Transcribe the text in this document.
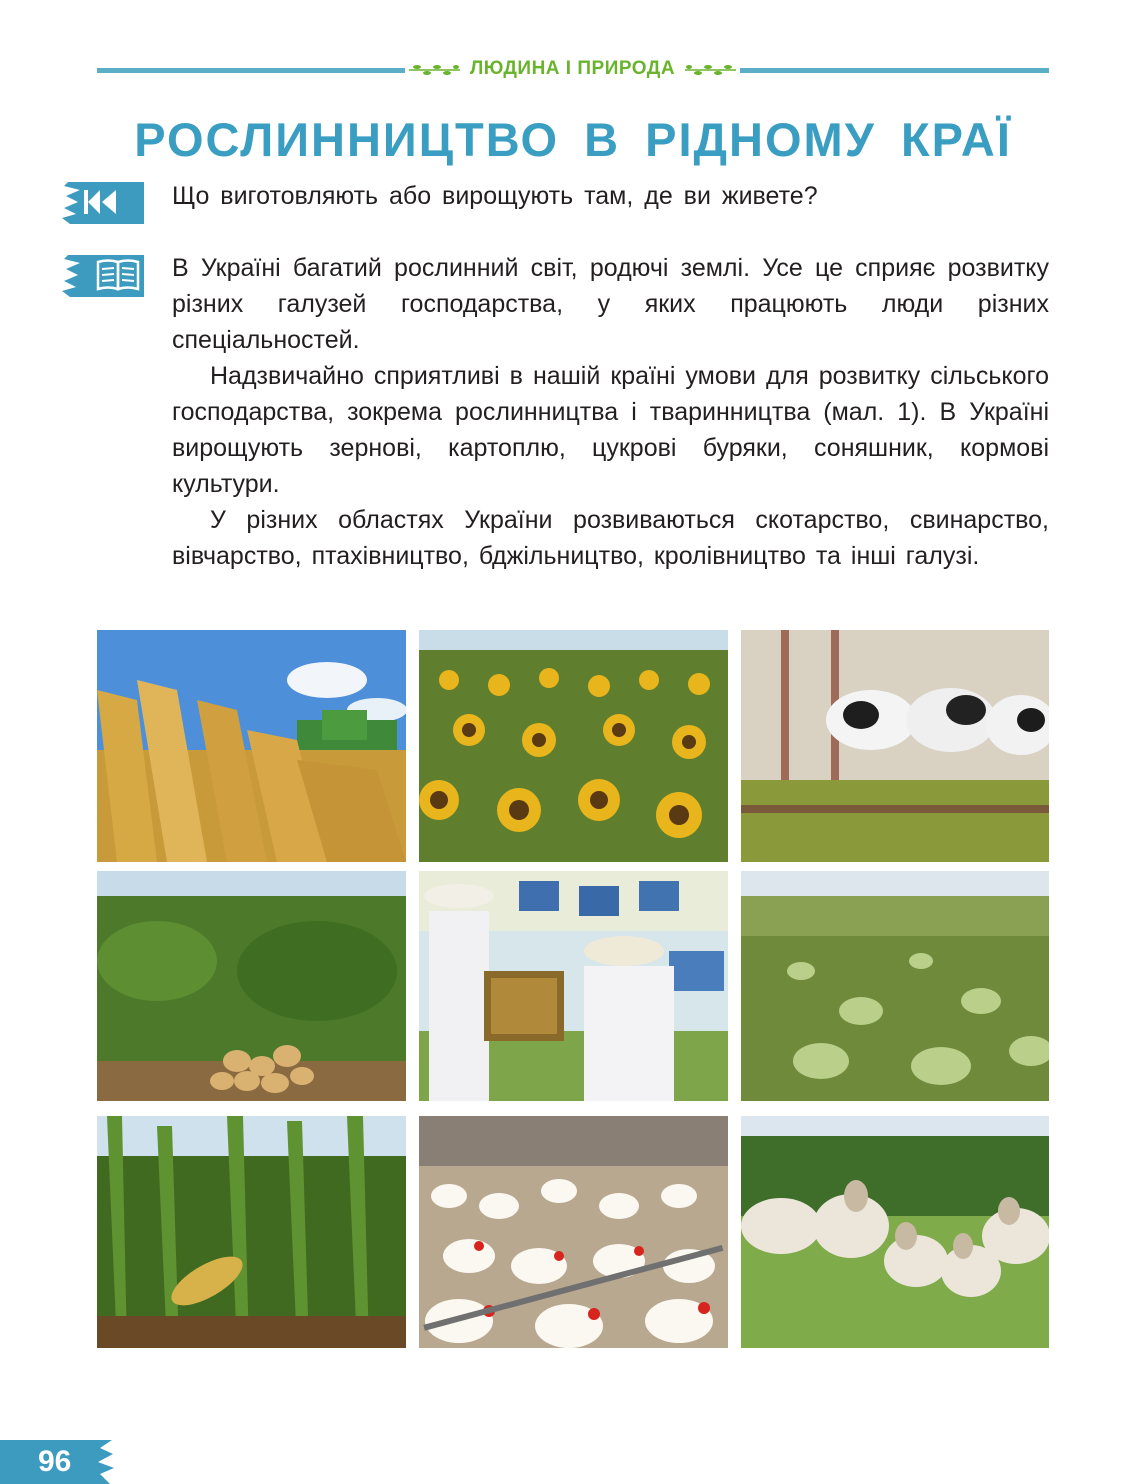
ЛЮДИНА І ПРИРОДА
РОСЛИННИЦТВО В РІДНОМУ КРАЇ

Що виготовляють або вирощують там, де ви живете?

В Україні багатий рослинний світ, родючі землі. Усе це сприяє розвитку різних галузей господарства, у яких працюють люди різних спеціальностей.

Надзвичайно сприятливі в нашій країні умови для розвитку сільського господарства, зокрема рослинництва і тваринництва (мал. 1). В Україні вирощують зернові, картоплю, цукрові буряки, соняшник, кормові культури.

У різних областях України розвиваються скотарство, свинарство, вівчарство, птахівництво, бджільництво, кролівництво та інші галузі.

96
